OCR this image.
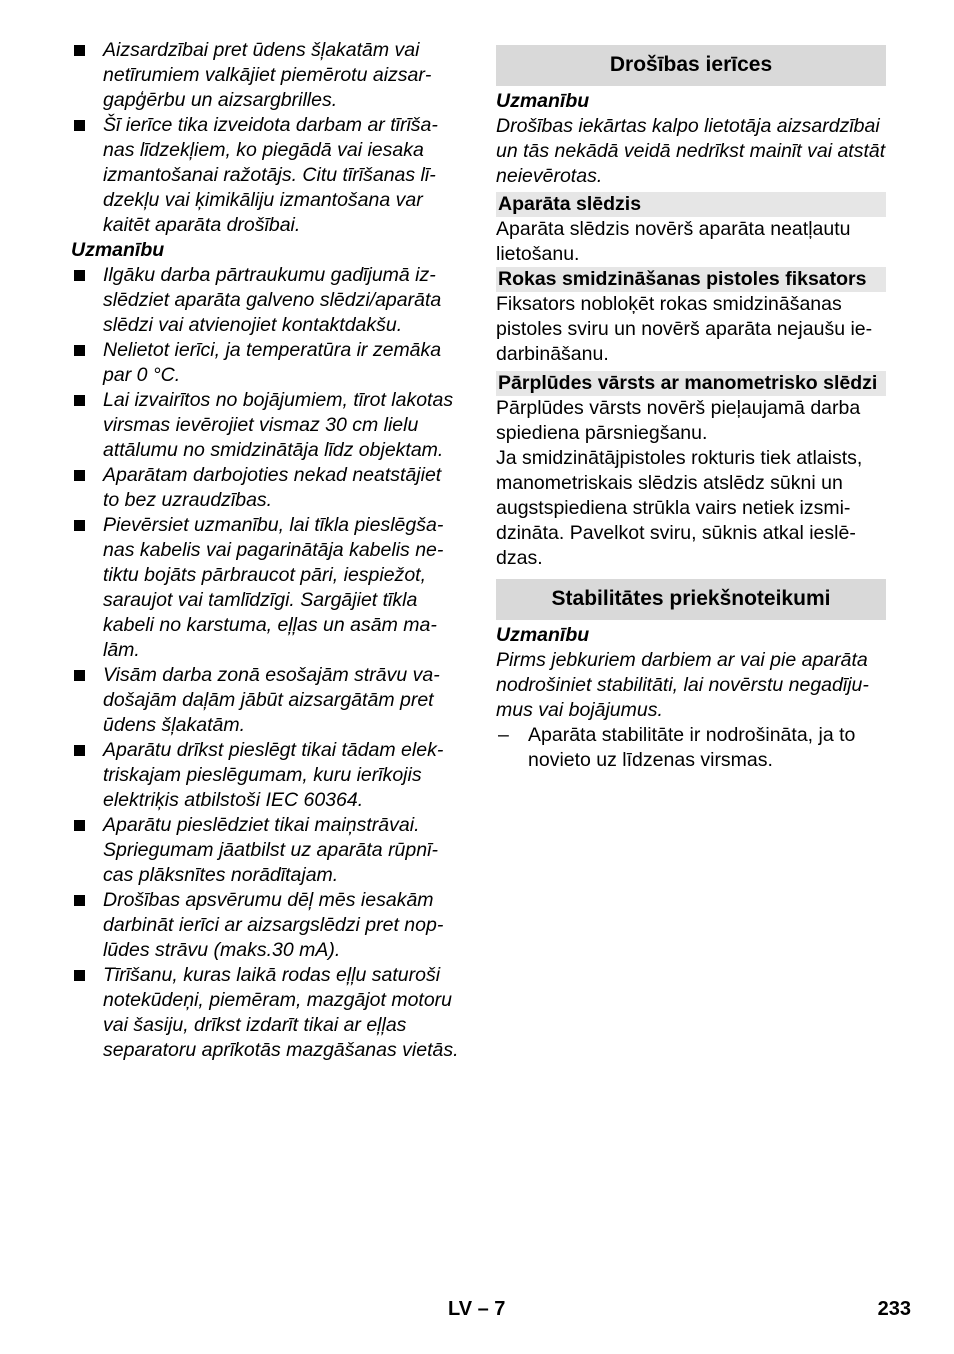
Aizsardzībai pret ūdens šļakatām vai netīrumiem valkājiet piemērotu aizsargapģērbu un aizsargbrilles.
Šī ierīce tika izveidota darbam ar tīrīšanas līdzekļiem, ko piegādā vai iesaka izmantošanai ražotājs. Citu tīrīšanas līdzekļu vai ķimikāliju izmantošana var kaitēt aparāta drošībai.
Uzmanību
Ilgāku darba pārtraukumu gadījumā izslēdziet aparāta galveno slēdzi/aparāta slēdzi vai atvienojiet kontaktdakšu.
Nelietot ierīci, ja temperatūra ir zemāka par 0 °C.
Lai izvairītos no bojājumiem, tīrot lakotas virsmas ievērojiet vismaz 30 cm lielu attālumu no smidzinātāja līdz objektam.
Aparātam darbojoties nekad neatstājiet to bez uzraudzības.
Pievērsiet uzmanību, lai tīkla pieslēgšanas kabelis vai pagarinātāja kabelis netiktu bojāts pārbraucot pāri, iespiežot, saraujot vai tamlīdzīgi. Sargājiet tīkla kabeli no karstuma, eļļas un asām malām.
Visām darba zonā esošajām strāvu vadošajām daļām jābūt aizsargātām pret ūdens šļakatām.
Aparātu drīkst pieslēgt tikai tādam elektriskajam pieslēgumam, kuru ierīkojis elektriķis atbilstoši IEC 60364.
Aparātu pieslēdziet tikai maiņstrāvai. Spriegumam jāatbilst uz aparāta rūpnīcas plāksnītes norādītajam.
Drošības apsvērumu dēļ mēs iesakām darbināt ierīci ar aizsargslēdzi pret noplūdes strāvu (maks.30 mA).
Tīrīšanu, kuras laikā rodas eļļu saturoši notekūdeņi, piemēram, mazgājot motoru vai šasiju, drīkst izdarīt tikai ar eļļas separatoru aprīkotās mazgāšanas vietās.
Drošības ierīces
Uzmanību
Drošības iekārtas kalpo lietotāja aizsardzībai un tās nekādā veidā nedrīkst mainīt vai atstāt neievērotas.
Aparāta slēdzis
Aparāta slēdzis novērš aparāta neatļautu lietošanu.
Rokas smidzināšanas pistoles fiksators
Fiksators nobloķēt rokas smidzināšanas pistoles sviru un novērš aparāta nejaušu iedarbināšanu.
Pārplūdes vārsts ar manometrisko slēdzi
Pārplūdes vārsts novērš pieļaujamā darba spiediena pārsniegšanu.
Ja smidzinātājpistoles rokturis tiek atlaists, manometriskais slēdzis atslēdz sūkni un augstspiediena strūkla vairs netiek izsmidzināta. Pavelkot sviru, sūknis atkal ieslēdzas.
Stabilitātes priekšnoteikumi
Uzmanību
Pirms jebkuriem darbiem ar vai pie aparāta nodrošiniet stabilitāti, lai novērstu negadījumus vai bojājumus.
– Aparāta stabilitāte ir nodrošināta, ja to novieto uz līdzenas virsmas.
LV – 7	233
